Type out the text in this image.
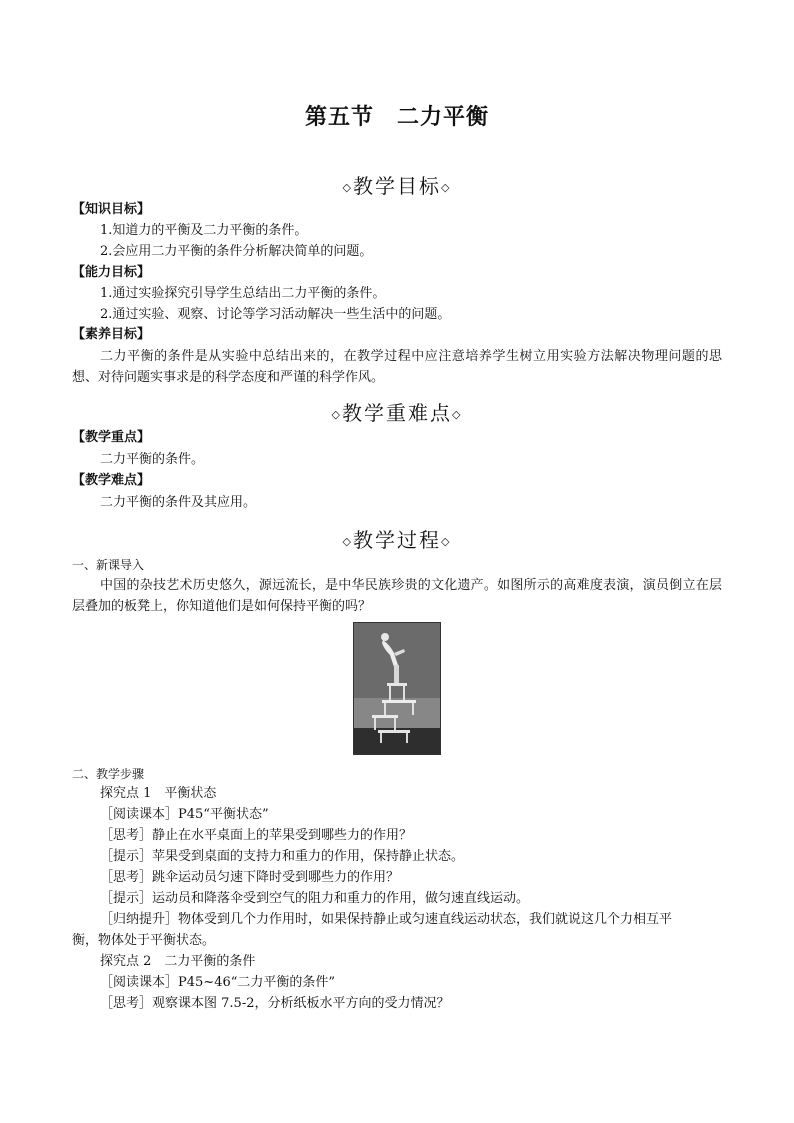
第五节　二力平衡
◇教学目标◇
【知识目标】
1.知道力的平衡及二力平衡的条件。
2.会应用二力平衡的条件分析解决简单的问题。
【能力目标】
1.通过实验探究引导学生总结出二力平衡的条件。
2.通过实验、观察、讨论等学习活动解决一些生活中的问题。
【素养目标】
二力平衡的条件是从实验中总结出来的，在教学过程中应注意培养学生树立用实验方法解决物理问题的思想、对待问题实事求是的科学态度和严谨的科学作风。
◇教学重难点◇
【教学重点】
二力平衡的条件。
【教学难点】
二力平衡的条件及其应用。
◇教学过程◇
一、新课导入
中国的杂技艺术历史悠久，源远流长，是中华民族珍贵的文化遗产。如图所示的高难度表演，演员倒立在层层叠加的板凳上，你知道他们是如何保持平衡的吗？
二、教学步骤
探究点 1　平衡状态
［阅读课本］P45“平衡状态”
［思考］静止在水平桌面上的苹果受到哪些力的作用？
［提示］苹果受到桌面的支持力和重力的作用，保持静止状态。
［思考］跳伞运动员匀速下降时受到哪些力的作用？
［提示］运动员和降落伞受到空气的阻力和重力的作用，做匀速直线运动。
［归纳提升］物体受到几个力作用时，如果保持静止或匀速直线运动状态，我们就说这几个力相互平
衡，物体处于平衡状态。
探究点 2　二力平衡的条件
［阅读课本］P45~46“二力平衡的条件”
［思考］观察课本图 7.5-2，分析纸板水平方向的受力情况？
